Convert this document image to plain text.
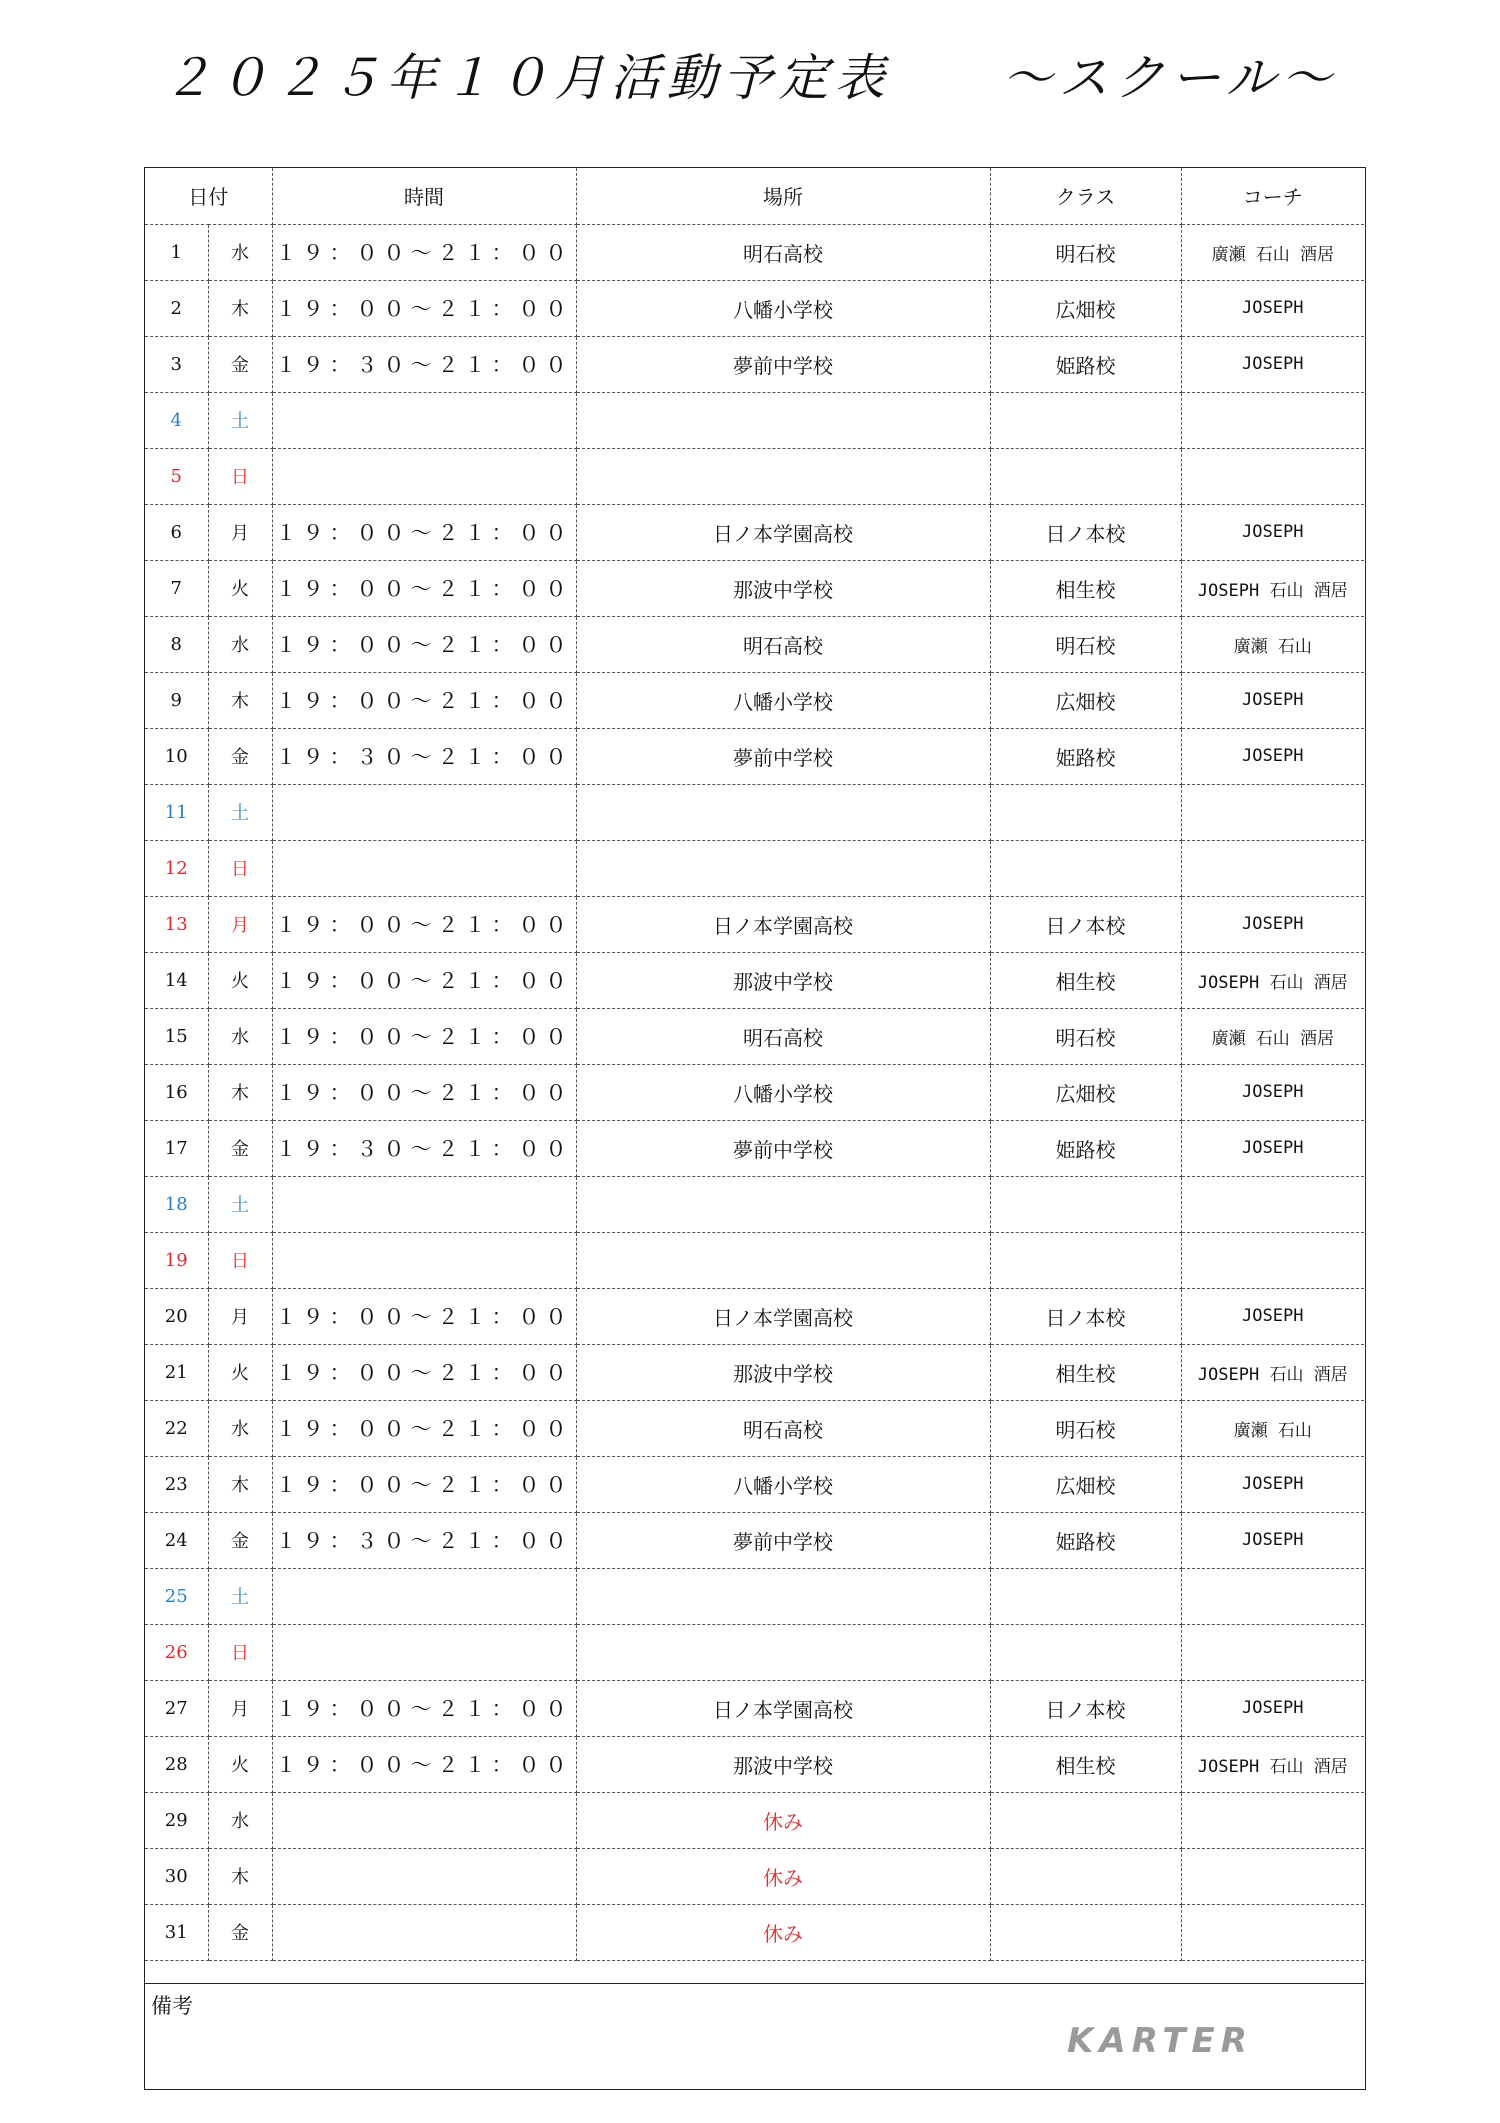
２０２５年１０月活動予定表　　～スクール～
日付		時間	場所	クラス	コーチ
1	水	１９：００～２１：００	明石高校	明石校	廣瀬 石山 酒居
2	木	１９：００～２１：００	八幡小学校	広畑校	JOSEPH
3	金	１９：３０～２１：００	夢前中学校	姫路校	JOSEPH
4	土				
5	日				
6	月	１９：００～２１：００	日ノ本学園高校	日ノ本校	JOSEPH
7	火	１９：００～２１：００	那波中学校	相生校	JOSEPH 石山 酒居
8	水	１９：００～２１：００	明石高校	明石校	廣瀬 石山
9	木	１９：００～２１：００	八幡小学校	広畑校	JOSEPH
10	金	１９：３０～２１：００	夢前中学校	姫路校	JOSEPH
11	土				
12	日				
13	月	１９：００～２１：００	日ノ本学園高校	日ノ本校	JOSEPH
14	火	１９：００～２１：００	那波中学校	相生校	JOSEPH 石山 酒居
15	水	１９：００～２１：００	明石高校	明石校	廣瀬 石山 酒居
16	木	１９：００～２１：００	八幡小学校	広畑校	JOSEPH
17	金	１９：３０～２１：００	夢前中学校	姫路校	JOSEPH
18	土				
19	日				
20	月	１９：００～２１：００	日ノ本学園高校	日ノ本校	JOSEPH
21	火	１９：００～２１：００	那波中学校	相生校	JOSEPH 石山 酒居
22	水	１９：００～２１：００	明石高校	明石校	廣瀬 石山
23	木	１９：００～２１：００	八幡小学校	広畑校	JOSEPH
24	金	１９：３０～２１：００	夢前中学校	姫路校	JOSEPH
25	土				
26	日				
27	月	１９：００～２１：００	日ノ本学園高校	日ノ本校	JOSEPH
28	火	１９：００～２１：００	那波中学校	相生校	JOSEPH 石山 酒居
29	水		休み		
30	木		休み		
31	金		休み		
備考
KARTER
